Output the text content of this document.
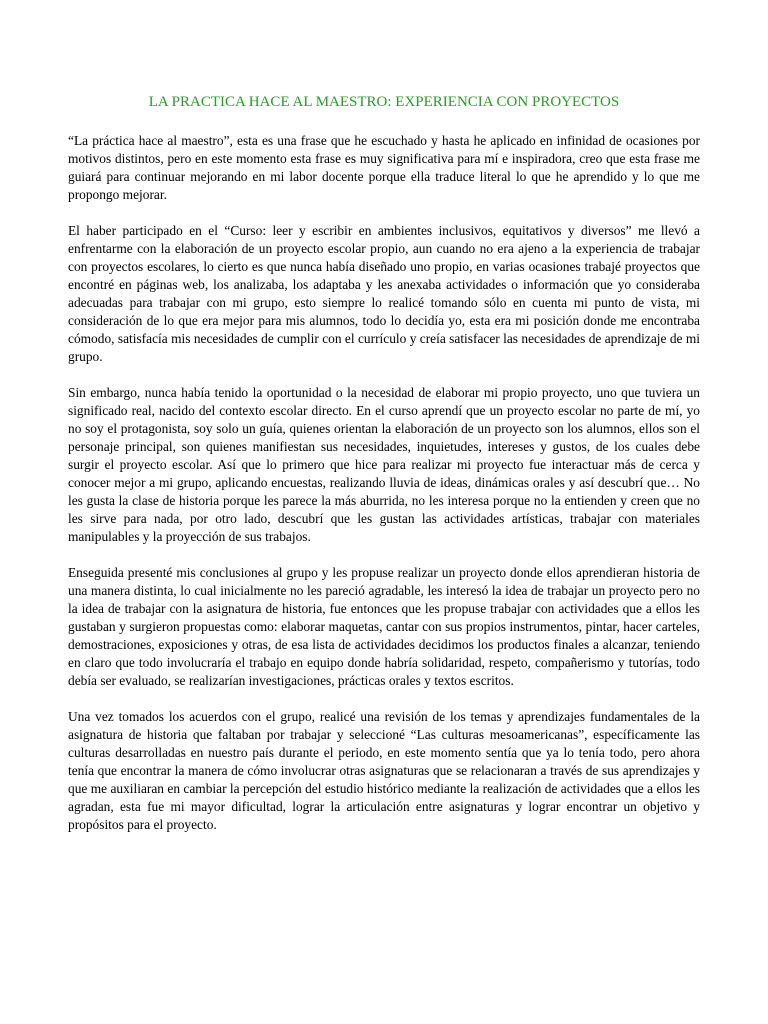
LA PRACTICA HACE AL MAESTRO: EXPERIENCIA CON PROYECTOS

“La práctica hace al maestro”, esta es una frase que he escuchado y hasta he aplicado en infinidad de ocasiones por motivos distintos, pero en este momento esta frase es muy significativa para mí e inspiradora, creo que esta frase me guiará para continuar mejorando en mi labor docente porque ella traduce literal lo que he aprendido y lo que me propongo mejorar.

El haber participado en el “Curso: leer y escribir en ambientes inclusivos, equitativos y diversos” me llevó a enfrentarme con la elaboración de un proyecto escolar propio, aun cuando no era ajeno a la experiencia de trabajar con proyectos escolares, lo cierto es que nunca había diseñado uno propio, en varias ocasiones trabajé proyectos que encontré en páginas web, los analizaba, los adaptaba y les anexaba actividades o información que yo consideraba adecuadas para trabajar con mi grupo, esto siempre lo realicé tomando sólo en cuenta mi punto de vista, mi consideración de lo que era mejor para mis alumnos, todo lo decidía yo, esta era mi posición donde me encontraba cómodo, satisfacía mis necesidades de cumplir con el currículo y creía satisfacer las necesidades de aprendizaje de mi grupo.

Sin embargo, nunca había tenido la oportunidad o la necesidad de elaborar mi propio proyecto, uno que tuviera un significado real, nacido del contexto escolar directo. En el curso aprendí que un proyecto escolar no parte de mí, yo no soy el protagonista, soy solo un guía, quienes orientan la elaboración de un proyecto son los alumnos, ellos son el personaje principal, son quienes manifiestan sus necesidades, inquietudes, intereses y gustos, de los cuales debe surgir el proyecto escolar. Así que lo primero que hice para realizar mi proyecto fue interactuar más de cerca y conocer mejor a mi grupo, aplicando encuestas, realizando lluvia de ideas, dinámicas orales y así descubrí que… No les gusta la clase de historia porque les parece la más aburrida, no les interesa porque no la entienden y creen que no les sirve para nada, por otro lado, descubrí que les gustan las actividades artísticas, trabajar con materiales manipulables y la proyección de sus trabajos.

Enseguida presenté mis conclusiones al grupo y les propuse realizar un proyecto donde ellos aprendieran historia de una manera distinta, lo cual inicialmente no les pareció agradable, les interesó la idea de trabajar un proyecto pero no la idea de trabajar con la asignatura de historia, fue entonces que les propuse trabajar con actividades que a ellos les gustaban y surgieron propuestas como: elaborar maquetas, cantar con sus propios instrumentos, pintar, hacer carteles, demostraciones, exposiciones y otras, de esa lista de actividades decidimos los productos finales a alcanzar, teniendo en claro que todo involucraría el trabajo en equipo donde habría solidaridad, respeto, compañerismo y tutorías, todo debía ser evaluado, se realizarían investigaciones, prácticas orales y textos escritos.

Una vez tomados los acuerdos con el grupo, realicé una revisión de los temas y aprendizajes fundamentales de la asignatura de historia que faltaban por trabajar y seleccioné “Las culturas mesoamericanas”, específicamente las culturas desarrolladas en nuestro país durante el periodo, en este momento sentía que ya lo tenía todo, pero ahora tenía que encontrar la manera de cómo involucrar otras asignaturas que se relacionaran a través de sus aprendizajes y que me auxiliaran en cambiar la percepción del estudio histórico mediante la realización de actividades que a ellos les agradan, esta fue mi mayor dificultad, lograr la articulación entre asignaturas y lograr encontrar un objetivo y propósitos para el proyecto.
